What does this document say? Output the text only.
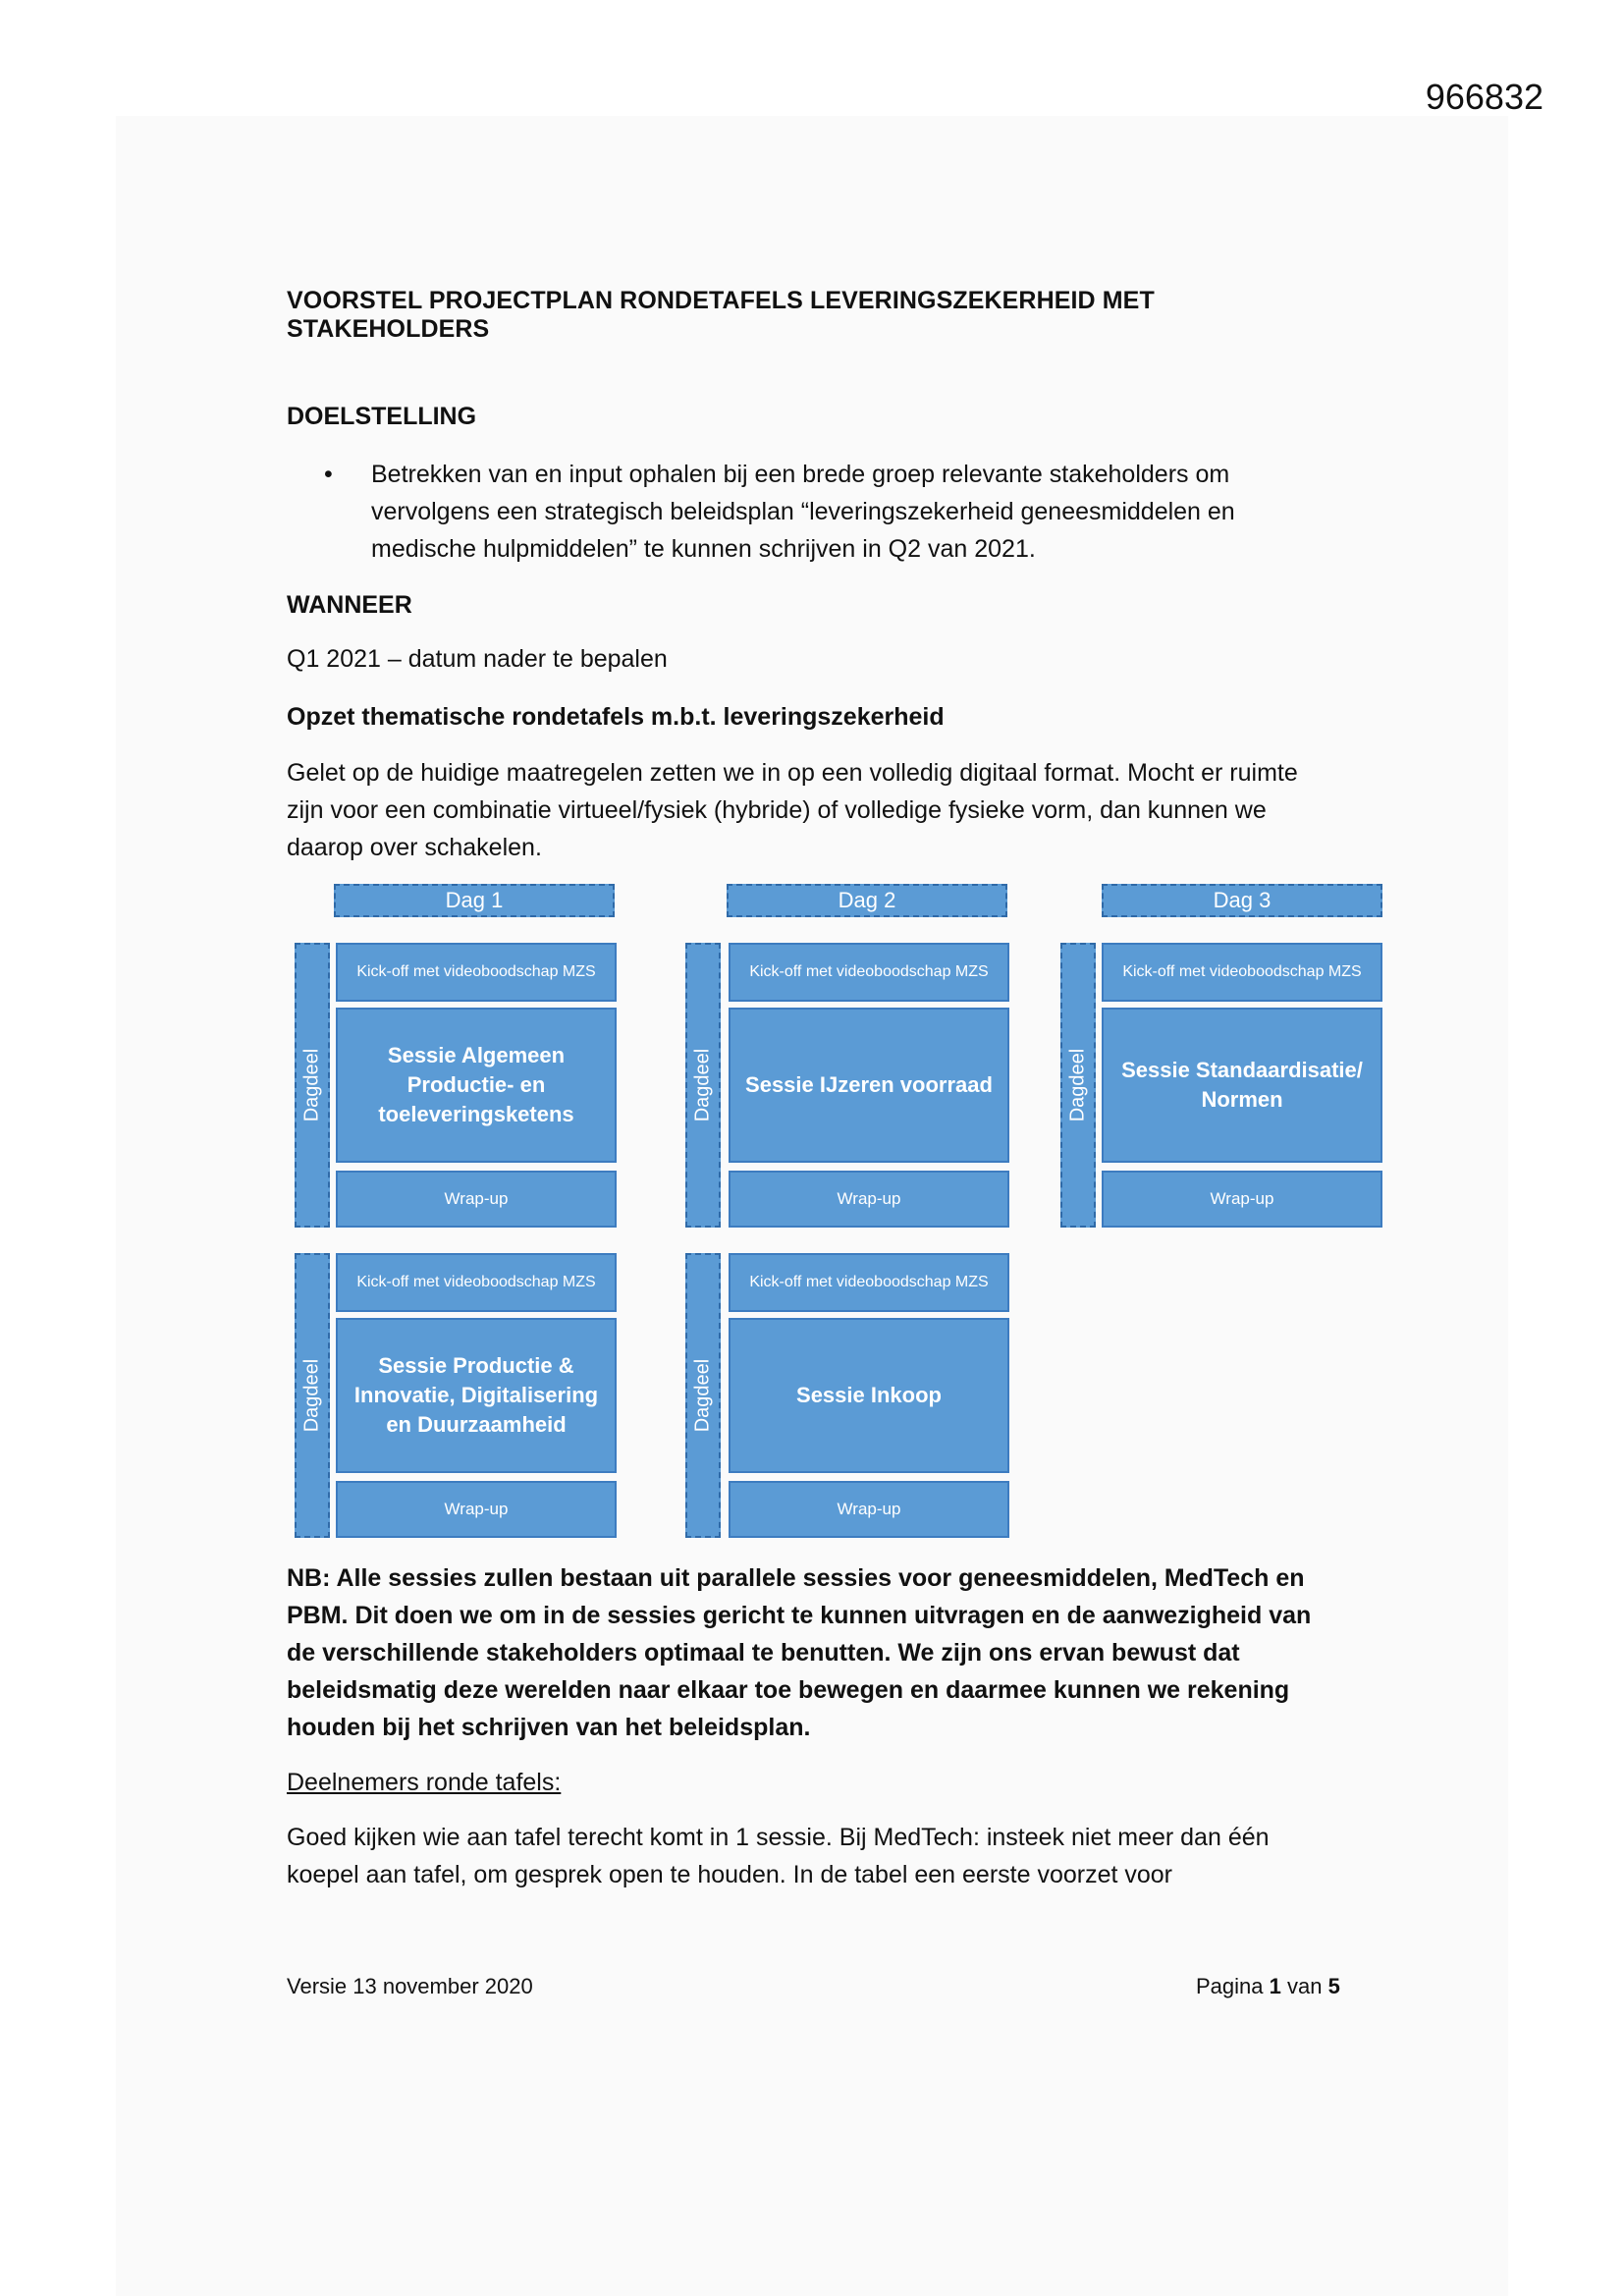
966832
VOORSTEL PROJECTPLAN RONDETAFELS LEVERINGSZEKERHEID MET STAKEHOLDERS
DOELSTELLING
• Betrekken van en input ophalen bij een brede groep relevante stakeholders om vervolgens een strategisch beleidsplan “leveringszekerheid geneesmiddelen en medische hulpmiddelen” te kunnen schrijven in Q2 van 2021.
WANNEER
Q1 2021 – datum nader te bepalen
Opzet thematische rondetafels m.b.t. leveringszekerheid
Gelet op de huidige maatregelen zetten we in op een volledig digitaal format. Mocht er ruimte zijn voor een combinatie virtueel/fysiek (hybride) of volledige fysieke vorm, dan kunnen we daarop over schakelen.
Dag 1	Dag 2	Dag 3
Dagdeel	Dagdeel	Dagdeel
Kick-off met videoboodschap MZS
Sessie Algemeen Productie- en toeleveringsketens
Wrap-up
Kick-off met videoboodschap MZS
Sessie IJzeren voorraad
Wrap-up
Kick-off met videoboodschap MZS
Sessie Standaardisatie/ Normen
Wrap-up
Dagdeel	Dagdeel
Kick-off met videoboodschap MZS
Sessie Productie & Innovatie, Digitalisering en Duurzaamheid
Wrap-up
Kick-off met videoboodschap MZS
Sessie Inkoop
Wrap-up
NB: Alle sessies zullen bestaan uit parallele sessies voor geneesmiddelen, MedTech en PBM. Dit doen we om in de sessies gericht te kunnen uitvragen en de aanwezigheid van de verschillende stakeholders optimaal te benutten. We zijn ons ervan bewust dat beleidsmatig deze werelden naar elkaar toe bewegen en daarmee kunnen we rekening houden bij het schrijven van het beleidsplan.
Deelnemers ronde tafels:
Goed kijken wie aan tafel terecht komt in 1 sessie. Bij MedTech: insteek niet meer dan één koepel aan tafel, om gesprek open te houden. In de tabel een eerste voorzet voor
Versie 13 november 2020	Pagina 1 van 5
